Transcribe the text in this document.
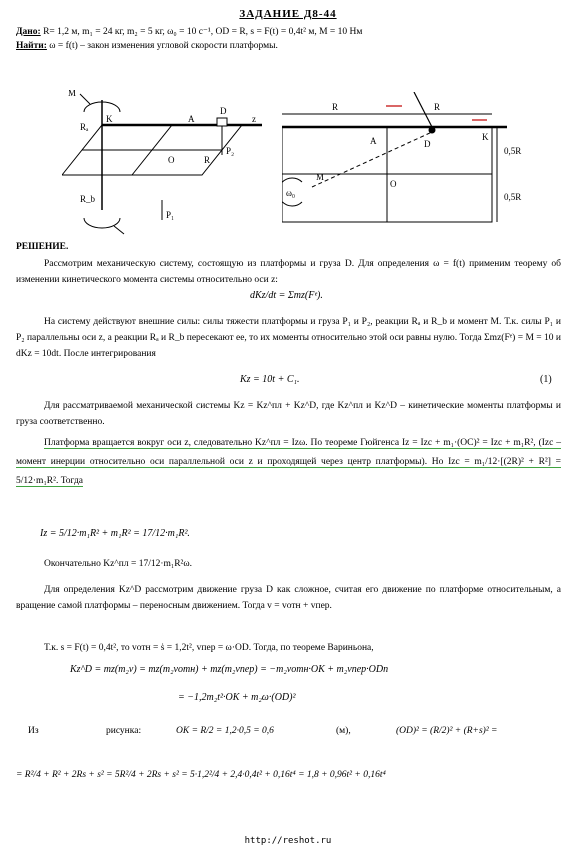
ЗАДАНИЕ Д8-44
Дано: R= 1,2 м, m₁ = 24 кг, m₂ = 5 кг, ω₀ = 10 с⁻¹, OD = R, s = F(t) = 0,4t² м, M = 10 Нм
Найти: ω = f(t) – закон изменения угловой скорости платформы.
K	A
D
z
O	R
M
P₁
P₂
Rₐ
R_b
R	R
A	D
K
O
M
ω₀
0,5R
0,5R
РЕШЕНИЕ.
Рассмотрим механическую систему, состоящую из платформы и груза D. Для определения ω = f(t) применим теорему об изменении кинетического момента системы относительно оси z:
dKz/dt = Σmz(Fᵉ).
На систему действуют внешние силы: силы тяжести платформы и груза P₁ и P₂, реакции Rₐ и R_b и момент M. Т.к. силы P₁ и P₂ параллельны оси z, а реакции Rₐ и R_b пересекают ее, то их моменты относительно этой оси равны нулю. Тогда Σmz(Fᵉ) = M = 10 и dKz = 10dt. После интегрирования
Kz = 10t + C₁.	(1)
Для рассматриваемой механической системы Kz = Kz^пл + Kz^D, где Kz^пл и Kz^D – кинетические моменты платформы и груза соответственно.
Платформа вращается вокруг оси z, следовательно Kz^пл = Izω. По теореме Гюйгенса Iz = Izc + m₁·(OC)² = Izc + m₁R², (Izc – момент инерции относительно оси параллельной оси z и проходящей через центр платформы). Но Izc = m₁/12·[(2R)² + R²] = 5/12·m₁R². Тогда
Iz = 5/12·m₁R² + m₁R² = 17/12·m₁R².
Окончательно Kz^пл = 17/12·m₁R²ω.
Для определения Kz^D рассмотрим движение груза D как сложное, считая его движение по платформе относительным, а вращение самой платформы – переносным движением. Тогда v = vотн + vпер.
Т.к. s = F(t) = 0,4t², то vотн = ṡ = 1,2t², vпер = ω·OD. Тогда, по теореме Вариньона,
Kz^D = mz(m₂v) = mz(m₂vотн) + mz(m₂vпер) = −m₂vотн·OK + m₂vпер·ODn
= −1,2m₂t²·OK + m₂ω·(OD)²
Из	рисунка:	OK = R/2 = 1,2·0,5 = 0,6	(м),	(OD)² = (R/2)² + (R+s)² =
= R²/4 + R² + 2Rs + s² = 5R²/4 + 2Rs + s² = 5·1,2²/4 + 2,4·0,4t² + 0,16t⁴ = 1,8 + 0,96t² + 0,16t⁴
http://reshot.ru
